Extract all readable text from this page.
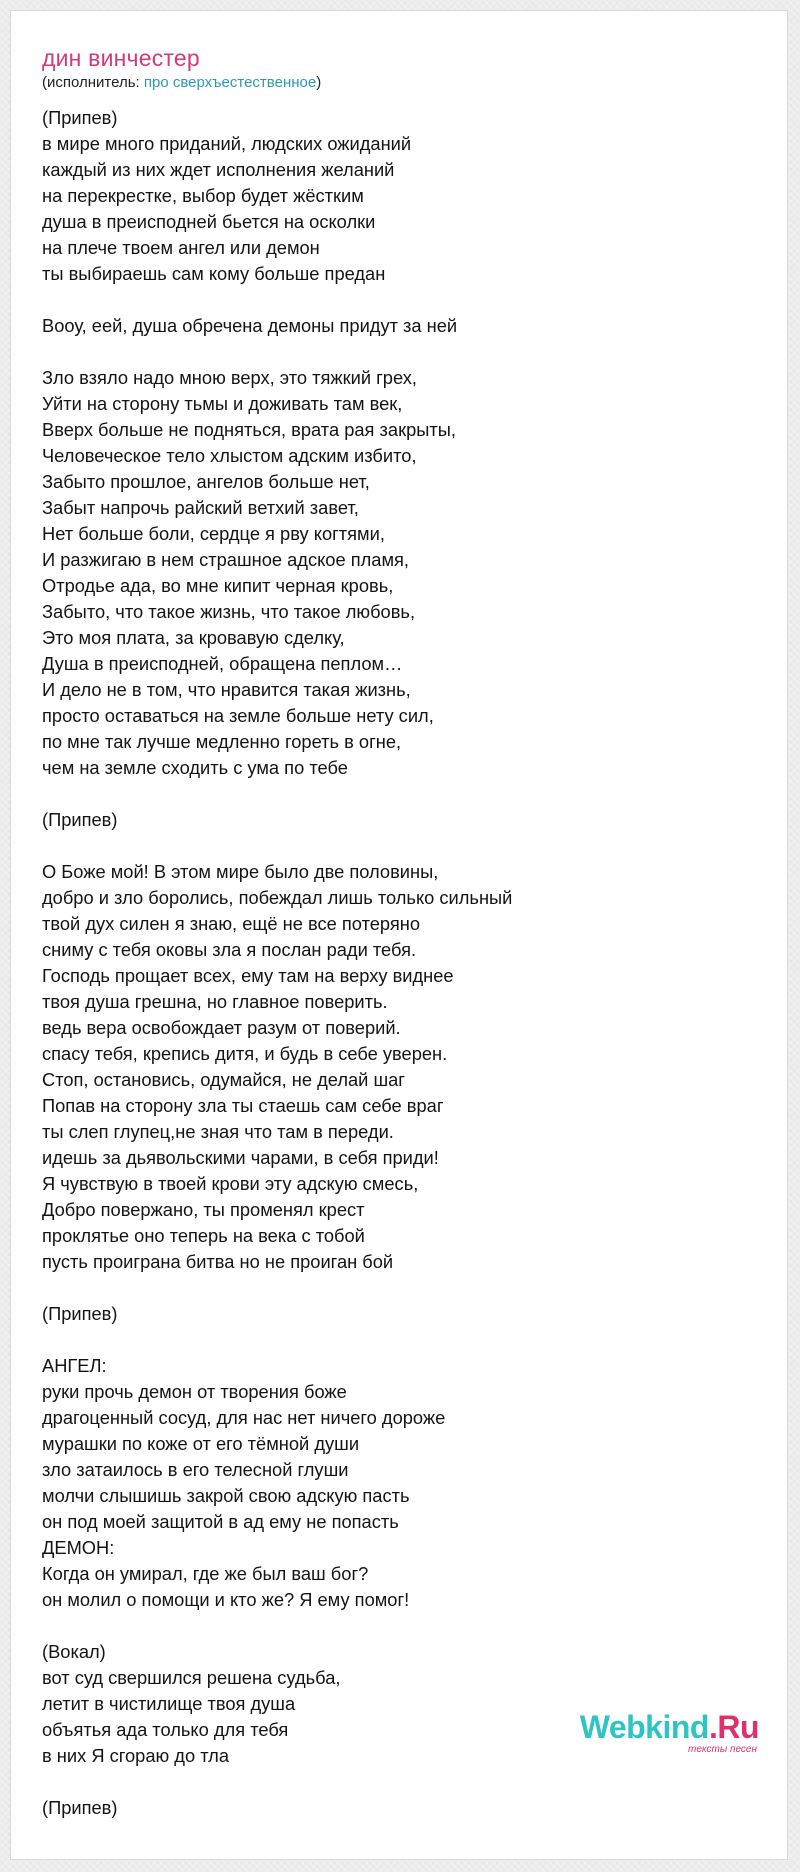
дин винчестер
(исполнитель: про сверхъестественное)
(Припев)
в мире много приданий, людских ожиданий
каждый из них ждет исполнения желаний
на перекрестке, выбор будет жёстким
душа в преисподней бьется на осколки
на плече твоем ангел или демон
ты выбираешь сам кому больше предан

Вооу, еей, душа обречена демоны придут за ней

Зло взяло надо мною верх, это тяжкий грех,
Уйти на сторону тьмы и доживать там век,
Вверх больше не подняться, врата рая закрыты,
Человеческое тело хлыстом адским избито,
Забыто прошлое, ангелов больше нет,
Забыт напрочь райский ветхий завет,
Нет больше боли, сердце я рву когтями,
И разжигаю в нем страшное адское пламя,
Отродье ада, во мне кипит черная кровь,
Забыто, что такое жизнь, что такое любовь,
Это моя плата, за кровавую сделку,
Душа в преисподней, обращена пеплом…
И дело не в том, что нравится такая жизнь,
просто оставаться на земле больше нету сил,
по мне так лучше медленно гореть в огне,
чем на земле сходить с ума по тебе

(Припев)

О Боже мой! В этом мире было две половины,
добро и зло боролись, побеждал лишь только сильный
твой дух силен я знаю, ещё не все потеряно
сниму с тебя оковы зла я послан ради тебя.
Господь прощает всех, ему там на верху виднее
твоя душа грешна, но главное поверить.
ведь вера освобождает разум от поверий.
спасу тебя, крепись дитя, и будь в себе уверен.
Стоп, остановись, одумайся, не делай шаг
Попав на сторону зла ты стаешь сам себе враг
ты слеп глупец,не зная что там в переди.
идешь за дьявольскими чарами, в себя приди!
Я чувствую в твоей крови эту адскую смесь,
Добро повержано, ты променял крест
проклятье оно теперь на века с тобой
пусть проиграна битва но не проиган бой

(Припев)

АНГЕЛ:
руки прочь демон от творения боже
драгоценный сосуд, для нас нет ничего дороже
мурашки по коже от его тёмной души
зло затаилось в его телесной глуши
молчи слышишь закрой свою адскую пасть
он под моей защитой в ад ему не попасть
ДЕМОН:
Когда он умирал, где же был ваш бог?
он молил о помощи и кто же? Я ему помог!

(Вокал)
вот суд свершился решена судьба,
летит в чистилище твоя душа
объятья ада только для тебя
в них Я сгораю до тла

(Припев)
Webkind.Ru
тексты песен
